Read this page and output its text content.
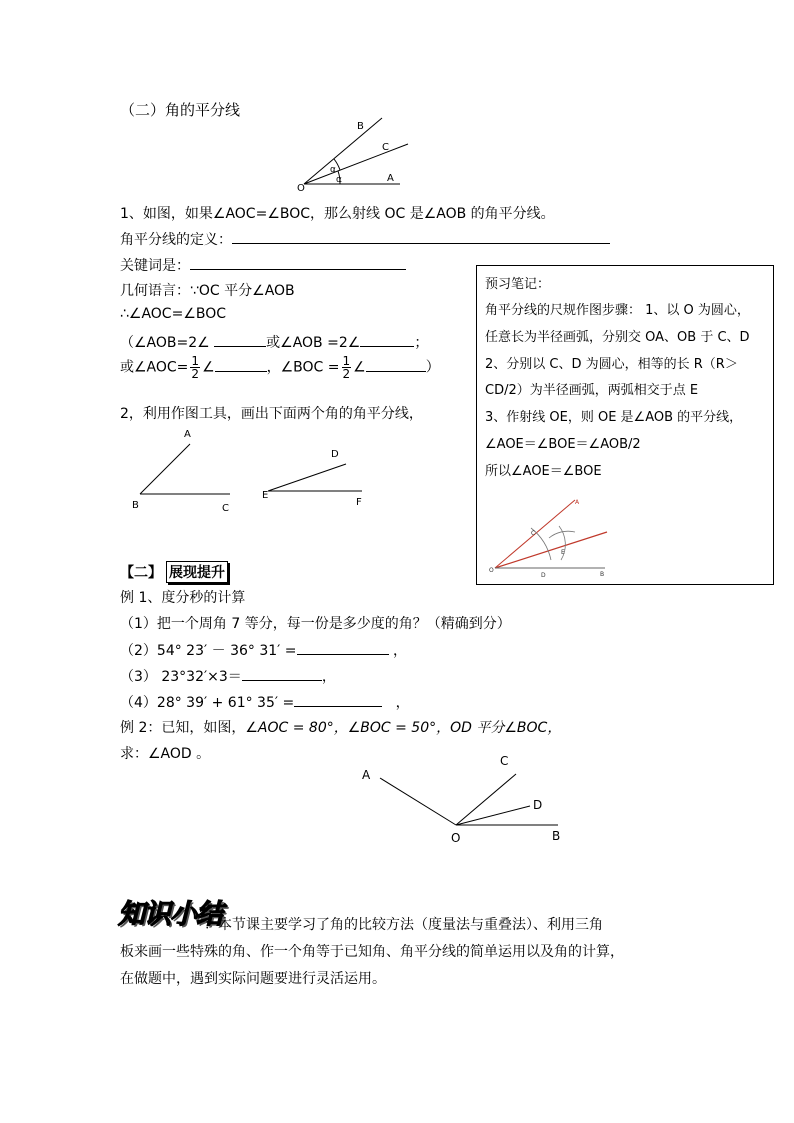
（二）角的平分线
B
C
O
A
α
α
1、如图，如果∠AOC=∠BOC，那么射线 OC 是∠AOB 的角平分线。
角平分线的定义：
关键词是：
几何语言：∵OC 平分∠AOB
∴∠AOC=∠BOC
（∠AOB=2∠	或∠AOB =2∠	；
或∠AOC= $\frac{1}{2}$ ∠	，∠BOC = $\frac{1}{2}$ ∠	）
2，利用作图工具，画出下面两个角的角平分线，
A
B	C
D
E
F
预习笔记：
角平分线的尺规作图步骤： 1、以 O 为圆心，
任意长为半径画弧，分别交 OA、OB 于 C、D
2、分别以 C、D 为圆心，相等的长 R（R＞
CD/2）为半径画弧，两弧相交于点 E
3、作射线 OE，则 OE 是∠AOB 的平分线，
∠AOE＝∠BOE＝∠AOB/2
所以∠AOE＝∠BOE
A
C
E
O
D	B
【二】 展现提升
例 1、度分秒的计算
（1）把一个周角 7 等分，每一份是多少度的角？（精确到分）
（2）54° 23′ － 36° 31′ =	，
（3） 23°32′×3＝	，
（4）28° 39′ + 61° 35′ =	，
例 2：已知，如图，∠AOC = 80°，∠BOC = 50°，OD 平分∠BOC，
求：∠AOD 。
A
C
D
O	B
知识小结
：本节课主要学习了角的比较方法（度量法与重叠法）、利用三角
板来画一些特殊的角、作一个角等于已知角、角平分线的简单运用以及角的计算，
在做题中，遇到实际问题要进行灵活运用。
